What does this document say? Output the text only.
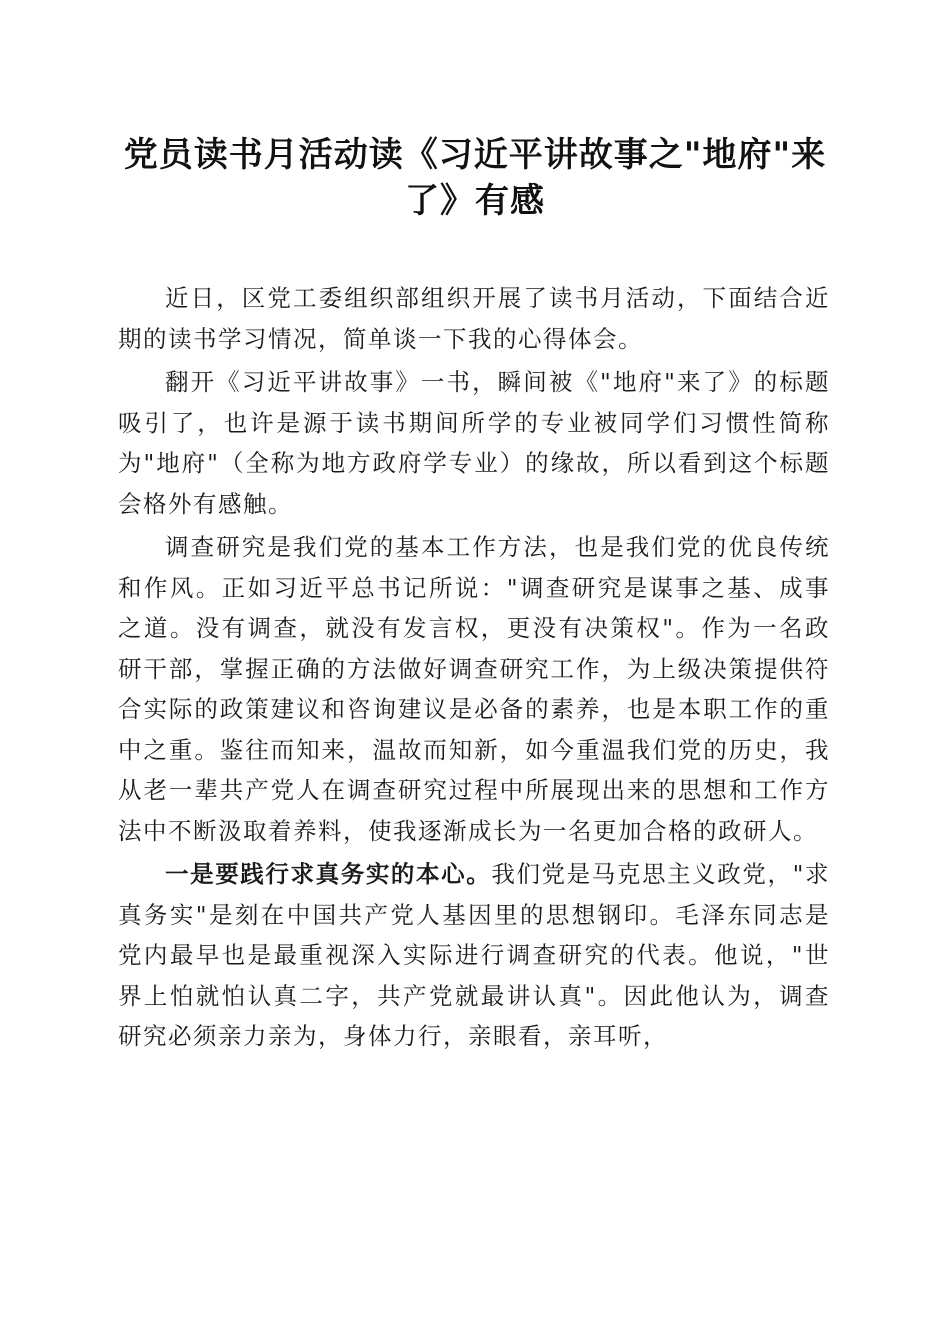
党员读书月活动读《习近平讲故事之"地府"来了》有感

近日，区党工委组织部组织开展了读书月活动，下面结合近期的读书学习情况，简单谈一下我的心得体会。

翻开《习近平讲故事》一书，瞬间被《"地府"来了》的标题吸引了，也许是源于读书期间所学的专业被同学们习惯性简称为"地府"（全称为地方政府学专业）的缘故，所以看到这个标题会格外有感触。

调查研究是我们党的基本工作方法，也是我们党的优良传统和作风。正如习近平总书记所说："调查研究是谋事之基、成事之道。没有调查，就没有发言权，更没有决策权"。作为一名政研干部，掌握正确的方法做好调查研究工作，为上级决策提供符合实际的政策建议和咨询建议是必备的素养，也是本职工作的重中之重。鉴往而知来，温故而知新，如今重温我们党的历史，我从老一辈共产党人在调查研究过程中所展现出来的思想和工作方法中不断汲取着养料，使我逐渐成长为一名更加合格的政研人。

一是要践行求真务实的本心。我们党是马克思主义政党，"求真务实"是刻在中国共产党人基因里的思想钢印。毛泽东同志是党内最早也是最重视深入实际进行调查研究的代表。他说，"世界上怕就怕认真二字，共产党就最讲认真"。因此他认为，调查研究必须亲力亲为，身体力行，亲眼看，亲耳听，
